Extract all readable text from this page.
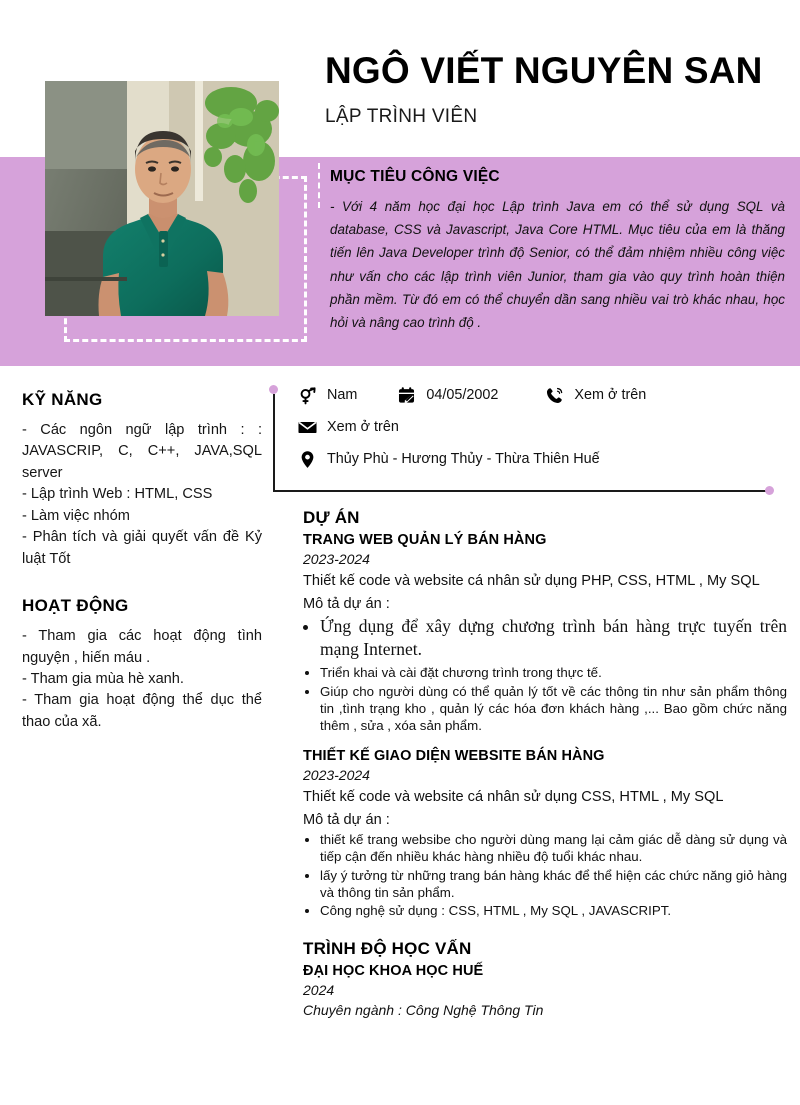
NGÔ VIẾT NGUYÊN SAN
LẬP TRÌNH VIÊN
MỤC TIÊU CÔNG VIỆC
- Với 4 năm học đại học Lập trình Java em có thể sử dụng SQL và database, CSS và Javascript, Java Core HTML. Mục tiêu của em là thăng tiến lên Java Developer trình độ Senior, có thể đảm nhiệm nhiều công việc như vấn cho các lập trình viên Junior, tham gia vào quy trình hoàn thiện phần mềm. Từ đó em có thể chuyển dần sang nhiều vai trò khác nhau, học hỏi và nâng cao trình độ .
Nam	04/05/2002	Xem ở trên
Xem ở trên
Thủy Phù - Hương Thủy - Thừa Thiên Huế
KỸ NĂNG
- Các ngôn ngữ lập trình : : JAVASCRIP, C, C++, JAVA,SQL server
- Lập trình Web : HTML, CSS
- Làm việc nhóm
- Phân tích và giải quyết vấn đề Kỷ luật Tốt
HOẠT ĐỘNG
- Tham gia các hoạt động tình nguyện , hiến máu .
- Tham gia mùa hè xanh.
- Tham gia hoạt động thể dục thể thao của xã.
DỰ ÁN
TRANG WEB QUẢN LÝ BÁN HÀNG
2023-2024
Thiết kế code và website cá nhân sử dụng PHP, CSS, HTML , My SQL
Mô tả dự án :
• Ứng dụng để xây dựng chương trình bán hàng trực tuyến trên mạng Internet.
• Triển khai và cài đặt chương trình trong thực tế.
• Giúp cho người dùng có thể quản lý tốt về các thông tin như sản phẩm thông tin ,tình trạng kho , quản lý các hóa đơn khách hàng ,... Bao gồm chức năng thêm , sửa , xóa sản phẩm.
THIẾT KẾ GIAO DIỆN WEBSITE BÁN HÀNG
2023-2024
Thiết kế code và website cá nhân sử dụng CSS, HTML , My SQL
Mô tả dự án :
• thiết kế trang websibe cho người dùng mang lại cảm giác dễ dàng sử dụng và tiếp cận đến nhiều khác hàng nhiều độ tuổi khác nhau.
• lấy ý tưởng từ những trang bán hàng khác để thể hiện các chức năng giỏ hàng và thông tin sản phẩm.
• Công nghệ sử dụng : CSS, HTML , My SQL , JAVASCRIPT.
TRÌNH ĐỘ HỌC VẤN
ĐẠI HỌC KHOA HỌC HUẾ
2024
Chuyên ngành : Công Nghệ Thông Tin
